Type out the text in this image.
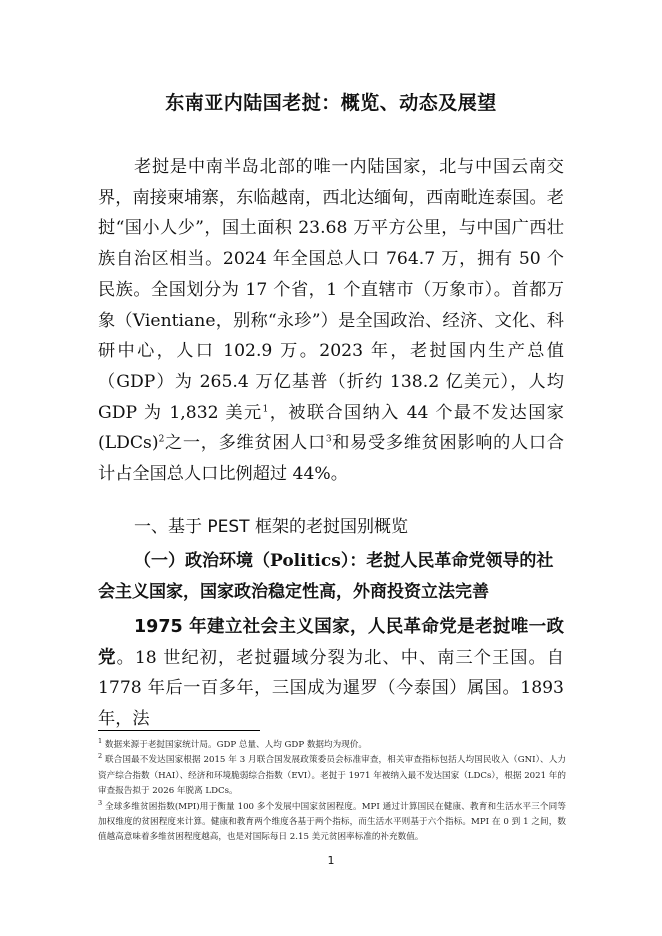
东南亚内陆国老挝：概览、动态及展望
老挝是中南半岛北部的唯一内陆国家，北与中国云南交界，南接柬埔寨，东临越南，西北达缅甸，西南毗连泰国。老挝“国小人少”，国土面积 23.68 万平方公里，与中国广西壮族自治区相当。2024 年全国总人口 764.7 万，拥有 50 个民族。全国划分为 17 个省，1 个直辖市（万象市）。首都万象（Vientiane，别称“永珍”）是全国政治、经济、文化、科研中心，人口 102.9 万。2023 年，老挝国内生产总值（GDP）为 265.4 万亿基普（折约 138.2 亿美元），人均 GDP 为 1,832 美元$^1$，被联合国纳入 44 个最不发达国家(LDCs)$^2$之一，多维贫困人口$^3$和易受多维贫困影响的人口合计占全国总人口比例超过 44%。
一、基于 PEST 框架的老挝国别概览
（一）政治环境（Politics）：老挝人民革命党领导的社会主义国家，国家政治稳定性高，外商投资立法完善
1975 年建立社会主义国家，人民革命党是老挝唯一政党。18 世纪初，老挝疆域分裂为北、中、南三个王国。自 1778 年后一百多年，三国成为暹罗（今泰国）属国。1893 年，法

$^1$ 数据来源于老挝国家统计局。GDP 总量、人均 GDP 数据均为现价。

$^2$ 联合国最不发达国家根据 2015 年 3 月联合国发展政策委员会标准审查，相关审查指标包括人均国民收入（GNI）、人力资产综合指数（HAI）、经济和环境脆弱综合指数（EVI）。老挝于 1971 年被纳入最不发达国家（LDCs），根据 2021 年的审查报告拟于 2026 年脱离 LDCs。

$^3$ 全球多维贫困指数(MPI)用于衡量 100 多个发展中国家贫困程度。MPI 通过计算国民在健康、教育和生活水平三个同等加权维度的贫困程度来计算。健康和教育两个维度各基于两个指标，而生活水平则基于六个指标。MPI 在 0 到 1 之间，数值越高意味着多维贫困程度越高，也是对国际每日 2.15 美元贫困率标准的补充数值。

1
